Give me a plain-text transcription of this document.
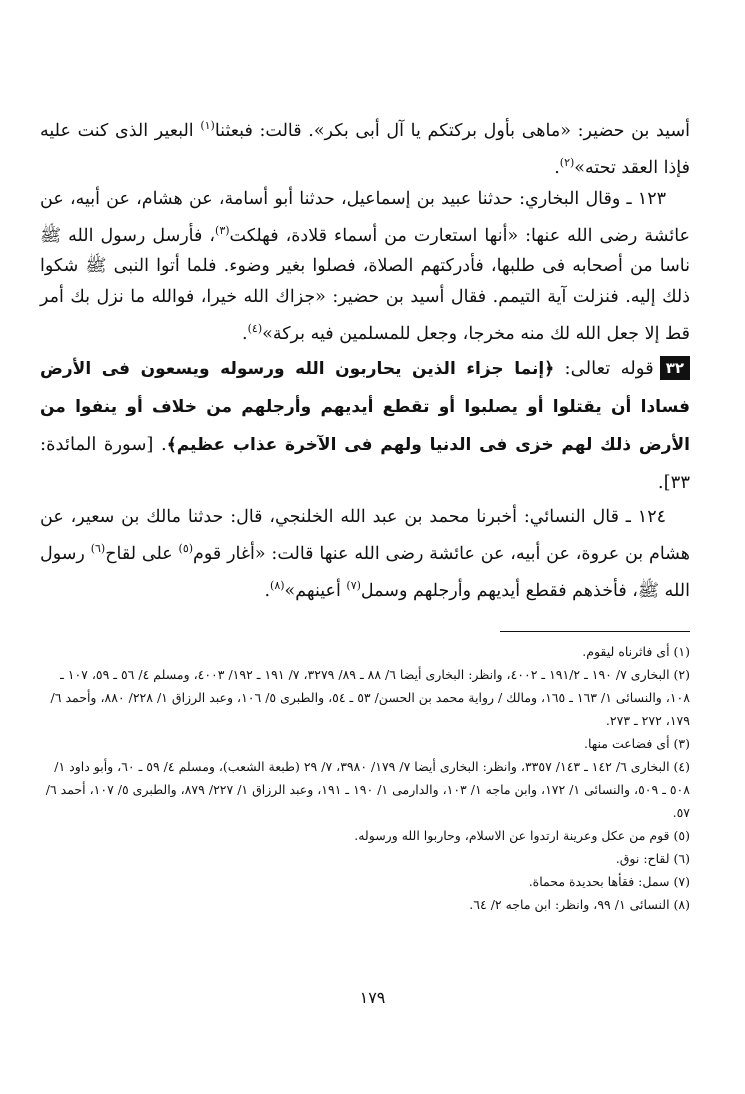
أسيد بن حضير: «ماهى بأول بركتكم يا آل أبى بكر». قالت: فبعثنا$^{(١)}$ البعير الذى كنت عليه فإذا العقد تحته»$^{(٢)}$.

١٢٣ ـ وقال البخاري: حدثنا عبيد بن إسماعيل، حدثنا أبو أسامة، عن هشام، عن أبيه، عن عائشة رضى الله عنها: «أنها استعارت من أسماء قلادة، فهلكت$^{(٣)}$، فأرسل رسول الله ﷺ ناسا من أصحابه فى طلبها، فأدركتهم الصلاة، فصلوا بغير وضوء. فلما أتوا النبى ﷺ شكوا ذلك إليه. فنزلت آية التيمم. فقال أسيد بن حضير: «جزاك الله خيرا، فوالله ما نزل بك أمر قط إلا جعل الله لك منه مخرجا، وجعل للمسلمين فيه بركة»$^{(٤)}$.

٣٢قوله تعالى: ﴿إنما جزاء الذين يحاربون الله ورسوله ويسعون فى الأرض فسادا أن يقتلوا أو يصلبوا أو تقطع أيديهم وأرجلهم من خلاف أو ينفوا من الأرض ذلك لهم خزى فى الدنيا ولهم فى الآخرة عذاب عظيم﴾. [سورة المائدة: ٣٣].

١٢٤ ـ قال النسائي: أخبرنا محمد بن عبد الله الخلنجي، قال: حدثنا مالك بن سعير، عن هشام بن عروة، عن أبيه، عن عائشة رضى الله عنها قالت: «أغار قوم$^{(٥)}$ على لقاح$^{(٦)}$ رسول الله ﷺ، فأخذهم فقطع أيديهم وأرجلهم وسمل$^{(٧)}$ أعينهم»$^{(٨)}$.

(١) أى فاثرناه ليقوم.

(٢) البخارى ٧/ ١٩٠ ـ ١٩١/٢ ـ ٤٠٠٢، وانظر: البخارى أيضا ٦/ ٨٨ ـ ٨٩/ ٣٢٧٩، ٧/ ١٩١ ـ ١٩٢/ ٤٠٠٣، ومسلم ٤/ ٥٦ ـ ٥٩، ١٠٧ ـ ١٠٨، والنسائى ١/ ١٦٣ ـ ١٦٥، ومالك / رواية محمد بن الحسن/ ٥٣ ـ ٥٤، والطبرى ٥/ ١٠٦، وعبد الرزاق ١/ ٢٢٨/ ٨٨٠، وأحمد ٦/ ١٧٩، ٢٧٢ ـ ٢٧٣.

(٣) أى فضاعت منها.

(٤) البخارى ٦/ ١٤٢ ـ ١٤٣/ ٣٣٥٧، وانظر: البخارى أيضا ٧/ ١٧٩/ ٣٩٨٠، ٧/ ٢٩ (طبعة الشعب)، ومسلم ٤/ ٥٩ ـ ٦٠، وأبو داود ١/ ٥٠٨ ـ ٥٠٩، والنسائى ١/ ١٧٢، وابن ماجه ١/ ١٠٣، والدارمى ١/ ١٩٠ ـ ١٩١، وعبد الرزاق ١/ ٢٢٧/ ٨٧٩، والطبرى ٥/ ١٠٧، أحمد ٦/ ٥٧.

(٥) قوم من عكل وعرينة ارتدوا عن الاسلام، وحاربوا الله ورسوله.

(٦) لقاح: نوق.

(٧) سمل: فقأها بحديدة محماة.

(٨) النسائى ١/ ٩٩، وانظر: ابن ماجه ٢/ ٦٤.

١٧٩
